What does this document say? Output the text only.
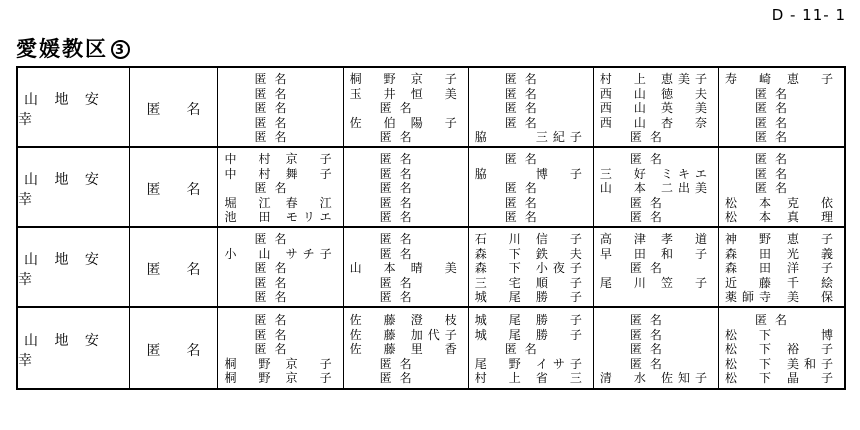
D - 11- 1
愛媛教区 3
山 地 安 幸
匿　名
匿 名
匿 名
匿 名
匿 名
匿 名
桐　野 京　子
玉　井 恒　美
匿 名
佐　伯 陽　子
匿 名
匿 名
匿 名
匿 名
匿 名
脇	三紀子
村　上 恵美子
西　山 徳　夫
西　山 英　美
西　山 杏　奈
匿 名
寿　崎 恵　子
匿 名
匿 名
匿 名
匿 名
山 地 安 幸
匿　名
中　村 京　子
中　村 舞　子
匿 名
堀　江 春　江
池　田 モリエ
匿 名
匿 名
匿 名
匿 名
匿 名
匿 名
脇	博　子
匿 名
匿 名
匿 名
匿 名
三　好 ミキエ
山　本 二出美
匿 名
匿 名
匿 名
匿 名
匿 名
松　本 克　依
松　本 真　理
山 地 安 幸
匿　名
匿 名
小　山 サチ子
匿 名
匿 名
匿 名
匿 名
匿 名
山　本 晴　美
匿 名
匿 名
石　川 信　子
森　下 鉄　夫
森　下 小夜子
三　宅 順　子
城　尾 勝　子
高　津 孝　道
早　田 和　子
匿 名
尾　川 笠　子
神　野 恵　子
森　田 光　義
森　田 洋　子
近　藤 千　絵
薬師寺 美　保
山 地 安 幸
匿　名
匿 名
匿 名
匿 名
桐　野 京　子
桐　野 京　子
佐　藤 澄　枝
佐　藤 加代子
佐　藤 里　香
匿 名
匿 名
城　尾 勝　子
城　尾 勝　子
匿 名
尾　野 イサ子
村　上 省　三
匿 名
匿 名
匿 名
匿 名
清　水 佐知子
匿 名
松　下 　　博
松　下 裕　子
松　下 美和子
松　下 晶　子
